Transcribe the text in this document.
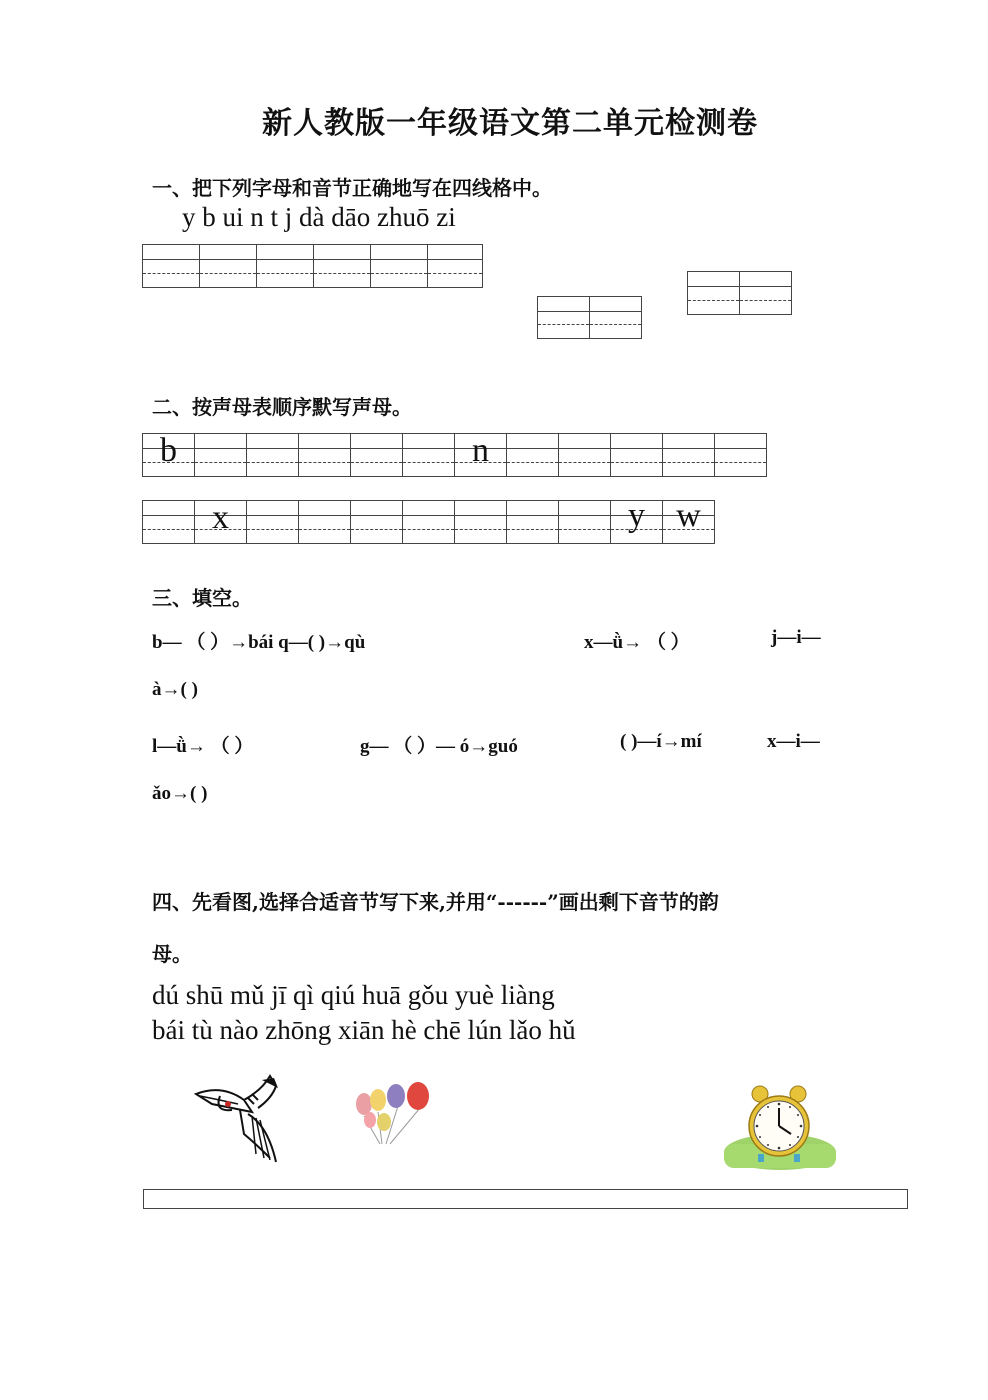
新人教版一年级语文第二单元检测卷
一、把下列字母和音节正确地写在四线格中。
y b ui n t j dà dāo zhuō zi
二、按声母表顺序默写声母。
b	n
x	y w
三、填空。
b— （ ）→bái q—( )→qù	x—ǜ→ （ ）	j—i—
à→( )
l—ǜ→ （ ）	g— （ ）— ó→guó	( )—í→mí	x—i—
ǎo→( )
四、先看图,选择合适音节写下来,并用“------”画出剩下音节的韵
母。
dú shū mǔ jī qì qiú huā gǒu yuè liàng
bái tù nào zhōng xiān hè chē lún lǎo hǔ
